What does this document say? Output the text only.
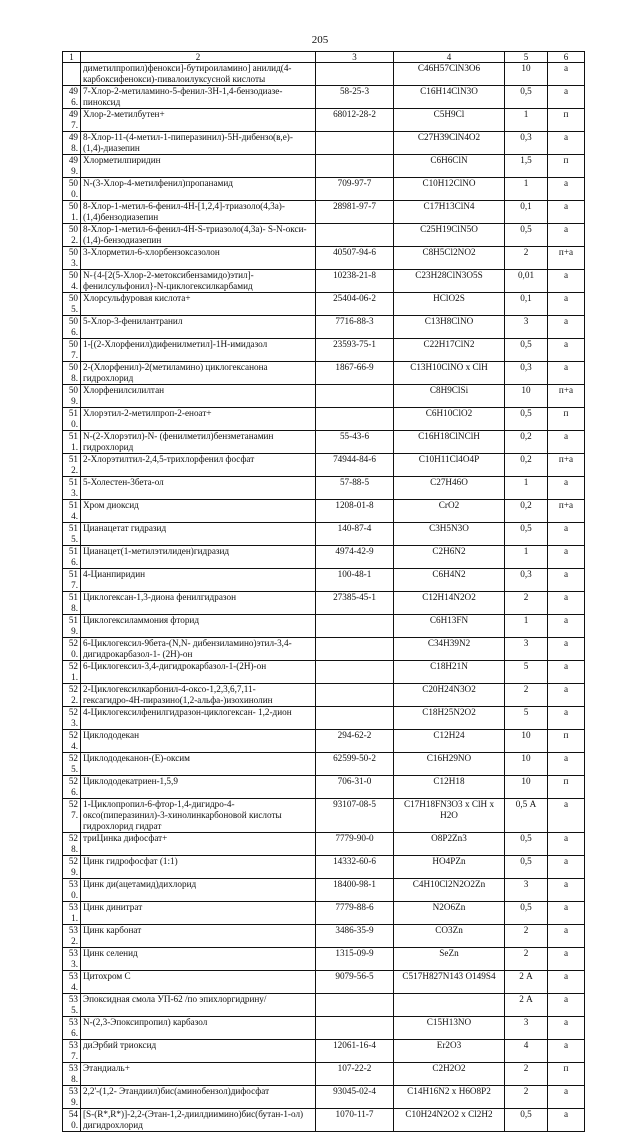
205
1	2	3	4	5	6
	диметилпропил)фенокси]-бутироиламино] анилид(4-карбоксифенокси)-пивалоилуксусной кислоты		C46H57ClN3O6	10	а
496.	7-Хлор-2-метиламино-5-фенил-3Н-1,4-бензодиазе-пиноксид	58-25-3	C16H14ClN3O	0,5	а
497.	Хлор-2-метилбутен+	68012-28-2	C5H9Cl	1	п
498.	8-Хлор-11-(4-метил-1-пиперазинил)-5Н-дибензо(в,е)-(1,4)-диазепин		C27H39ClN4O2	0,3	а
499.	Хлорметилпиридин		C6H6ClN	1,5	п
500.	N-(3-Хлор-4-метилфенил)пропанамид	709-97-7	C10H12ClNO	1	а
501.	8-Хлор-1-метил-6-фенил-4Н-[1,2,4]-триазоло(4,3а)-(1,4)бензодиазепин	28981-97-7	C17H13ClN4	0,1	а
502.	8-Хлор-1-метил-6-фенил-4Н-S-триазоло(4,3а)- S-N-окси-(1,4)-бензодиазепин		C25H19ClN5O	0,5	а
503.	3-Хлорметил-6-хлорбензоксазолон	40507-94-6	C8H5Cl2NO2	2	п+а
504.	N-{4-[2(5-Хлор-2-метоксибензамидо)этил]-фенилсульфонил}-N-циклогексилкарбамид	10238-21-8	C23H28ClN3O5S	0,01	а
505.	Хлорсульфуровая кислота+	25404-06-2	HClO2S	0,1	а
506.	5-Хлор-3-фенилантранил	7716-88-3	C13H8ClNO	3	а
507.	1-[(2-Хлорфенил)дифенилметил]-1Н-имидазол	23593-75-1	C22H17ClN2	0,5	а
508.	2-(Хлорфенил)-2(метиламино) циклогексанона гидрохлорид	1867-66-9	C13H10ClNO x ClH	0,3	а
509.	Хлорфенилсилилтан		C8H9ClSi	10	п+а
510.	Хлорэтил-2-метилпроп-2-еноат+		C6H10ClO2	0,5	п
511.	N-(2-Хлорэтил)-N- (фенилметил)бензметанамин гидрохлорид	55-43-6	C16H18ClNClH	0,2	а
512.	2-Хлорэтилтил-2,4,5-трихлорфенил фосфат	74944-84-6	C10H11Cl4O4P	0,2	п+а
513.	5-Холестен-3бета-ол	57-88-5	C27H46O	1	а
514.	Хром диоксид	1208-01-8	CrO2	0,2	п+а
515.	Цианацетат гидразид	140-87-4	C3H5N3O	0,5	а
516.	Цианацет(1-метилэтилиден)гидразид	4974-42-9	C2H6N2	1	а
517.	4-Цианпиридин	100-48-1	C6H4N2	0,3	а
518.	Циклогексан-1,3-диона фенилгидразон	27385-45-1	C12H14N2O2	2	а
519.	Циклогексиламмония фторид		C6H13FN	1	а
520.	6-Циклогексил-9бета-(N,N- дибензиламино)этил-3,4-дигидрокарбазол-1- (2Н)-он		C34H39N2	3	а
521.	6-Циклогексил-3,4-дигидрокарбазол-1-(2Н)-он		C18H21N	5	а
522.	2-Циклогексилкарбонил-4-оксо-1,2,3,6,7,11-гексагидро-4Н-пиразино(1,2-альфа-)изохинолин		C20H24N3O2	2	а
523.	4-Циклогексилфенилгидразон-циклогексан- 1,2-дион		C18H25N2O2	5	а
524.	Циклододекан	294-62-2	C12H24	10	п
525.	Циклододеканон-(Е)-оксим	62599-50-2	C16H29NO	10	а
526.	Циклододекатриен-1,5,9	706-31-0	C12H18	10	п
527.	1-Циклопропил-6-фтор-1,4-дигидро-4-оксо(пиперазинил)-3-хинолинкарбоновой кислоты гидрохлорид гидрат	93107-08-5	C17H18FN3O3 x ClH x H2O	0,5 А	а
528.	триЦинка дифосфат+	7779-90-0	O8P2Zn3	0,5	а
529.	Цинк гидрофосфат (1:1)	14332-60-6	HO4PZn	0,5	а
530.	Цинк ди(ацетамид)дихлорид	18400-98-1	C4H10Cl2N2O2Zn	3	а
531.	Цинк динитрат	7779-88-6	N2O6Zn	0,5	а
532.	Цинк карбонат	3486-35-9	CO3Zn	2	а
533.	Цинк селенид	1315-09-9	SeZn	2	а
534.	Цитохром С	9079-56-5	C517H827N143 O149S4	2 А	а
535.	Эпоксидная смола УП-62 /по эпихлоргидрину/			2 А	а
536.	N-(2,3-Эпоксипропил) карбазол		C15H13NO	3	а
537.	диЭрбий триоксид	12061-16-4	Er2O3	4	а
538.	Этандиаль+	107-22-2	C2H2O2	2	п
539.	2,2'-(1,2- Этандиил)бис(аминобензол)дифосфат	93045-02-4	C14H16N2 x H6O8P2	2	а
540.	[S-(R*,R*)]-2,2-(Этан-1,2-диилдиимино)бис(бутан-1-ол) дигидрохлорид	1070-11-7	C10H24N2O2 x Cl2H2	0,5	а
